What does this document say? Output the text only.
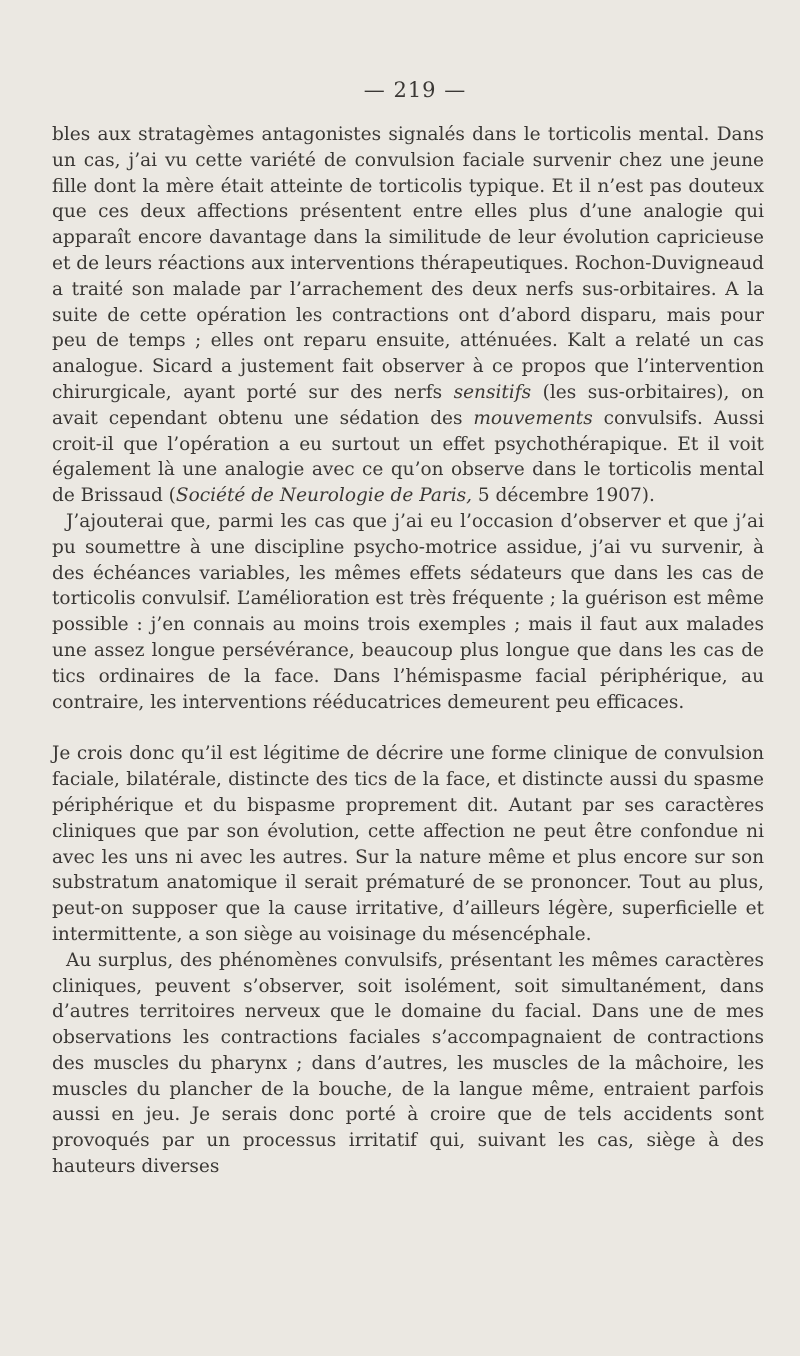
— 219 —

bles aux stratagèmes antagonistes signalés dans le torticolis mental. Dans un cas, j’ai vu cette variété de convulsion faciale survenir chez une jeune fille dont la mère était atteinte de torticolis typique. Et il n’est pas douteux que ces deux affections présentent entre elles plus d’une analogie qui apparaît encore davantage dans la similitude de leur évolution capricieuse et de leurs réactions aux interventions thérapeutiques. Rochon-Duvigneaud a traité son malade par l’arrachement des deux nerfs sus-orbitaires. A la suite de cette opération les contractions ont d’abord disparu, mais pour peu de temps ; elles ont reparu ensuite, atténuées. Kalt a relaté un cas analogue. Sicard a justement fait observer à ce propos que l’intervention chirurgicale, ayant porté sur des nerfs sensitifs (les sus-orbitaires), on avait cependant obtenu une sédation des mouvements convulsifs. Aussi croit-il que l’opération a eu surtout un effet psychothérapique. Et il voit également là une analogie avec ce qu’on observe dans le torticolis mental de Brissaud (Société de Neurologie de Paris, 5 décembre 1907).

J’ajouterai que, parmi les cas que j’ai eu l’occasion d’observer et que j’ai pu soumettre à une discipline psycho-motrice assidue, j’ai vu survenir, à des échéances variables, les mêmes effets sédateurs que dans les cas de torticolis convulsif. L’amélioration est très fréquente ; la guérison est même possible : j’en connais au moins trois exemples ; mais il faut aux malades une assez longue persévérance, beaucoup plus longue que dans les cas de tics ordinaires de la face. Dans l’hémispasme facial périphérique, au contraire, les interventions rééducatrices demeurent peu efficaces.

Je crois donc qu’il est légitime de décrire une forme clinique de convulsion faciale, bilatérale, distincte des tics de la face, et distincte aussi du spasme périphérique et du bispasme proprement dit. Autant par ses caractères cliniques que par son évolution, cette affection ne peut être confondue ni avec les uns ni avec les autres. Sur la nature même et plus encore sur son substratum anatomique il serait prématuré de se prononcer. Tout au plus, peut-on supposer que la cause irritative, d’ailleurs légère, superficielle et intermittente, a son siège au voisinage du mésencéphale.

Au surplus, des phénomènes convulsifs, présentant les mêmes caractères cliniques, peuvent s’observer, soit isolément, soit simultanément, dans d’autres territoires nerveux que le domaine du facial. Dans une de mes observations les contractions faciales s’accompagnaient de contractions des muscles du pharynx ; dans d’autres, les muscles de la mâchoire, les muscles du plancher de la bouche, de la langue même, entraient parfois aussi en jeu. Je serais donc porté à croire que de tels accidents sont provoqués par un processus irritatif qui, suivant les cas, siège à des hauteurs diverses
